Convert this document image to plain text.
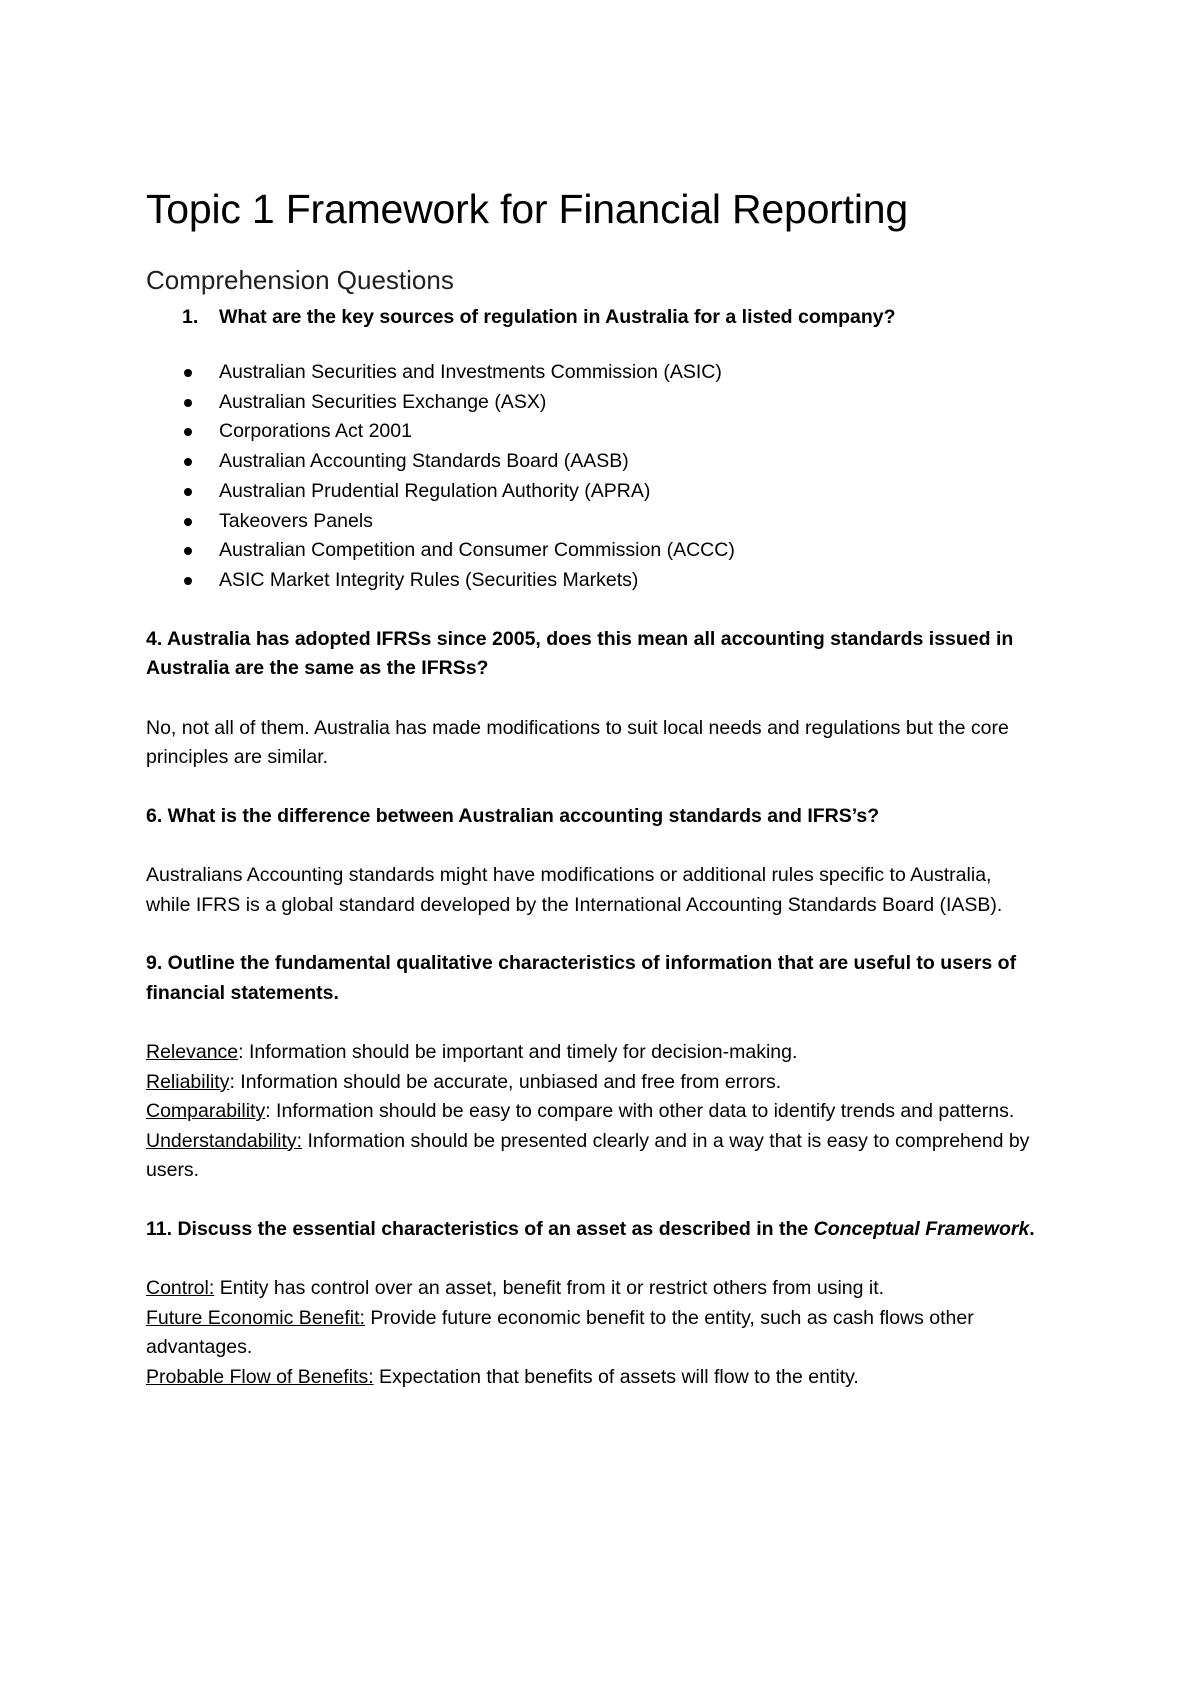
Topic 1 Framework for Financial Reporting
Comprehension Questions

1. What are the key sources of regulation in Australia for a listed company?

Australian Securities and Investments Commission (ASIC)
Australian Securities Exchange (ASX)
Corporations Act 2001
Australian Accounting Standards Board (AASB)
Australian Prudential Regulation Authority (APRA)
Takeovers Panels
Australian Competition and Consumer Commission (ACCC)
ASIC Market Integrity Rules (Securities Markets)

4. Australia has adopted IFRSs since 2005, does this mean all accounting standards issued in Australia are the same as the IFRSs?

No, not all of them. Australia has made modifications to suit local needs and regulations but the core principles are similar.

6. What is the difference between Australian accounting standards and IFRS’s?

Australians Accounting standards might have modifications or additional rules specific to Australia,
while IFRS is a global standard developed by the International Accounting Standards Board (IASB).

9. Outline the fundamental qualitative characteristics of information that are useful to users of financial statements.

Relevance: Information should be important and timely for decision-making.

Reliability: Information should be accurate, unbiased and free from errors.

Comparability: Information should be easy to compare with other data to identify trends and patterns.

Understandability: Information should be presented clearly and in a way that is easy to comprehend by users.

11. Discuss the essential characteristics of an asset as described in the Conceptual Framework.

Control: Entity has control over an asset, benefit from it or restrict others from using it.

Future Economic Benefit: Provide future economic benefit to the entity, such as cash flows other advantages.

Probable Flow of Benefits: Expectation that benefits of assets will flow to the entity.
